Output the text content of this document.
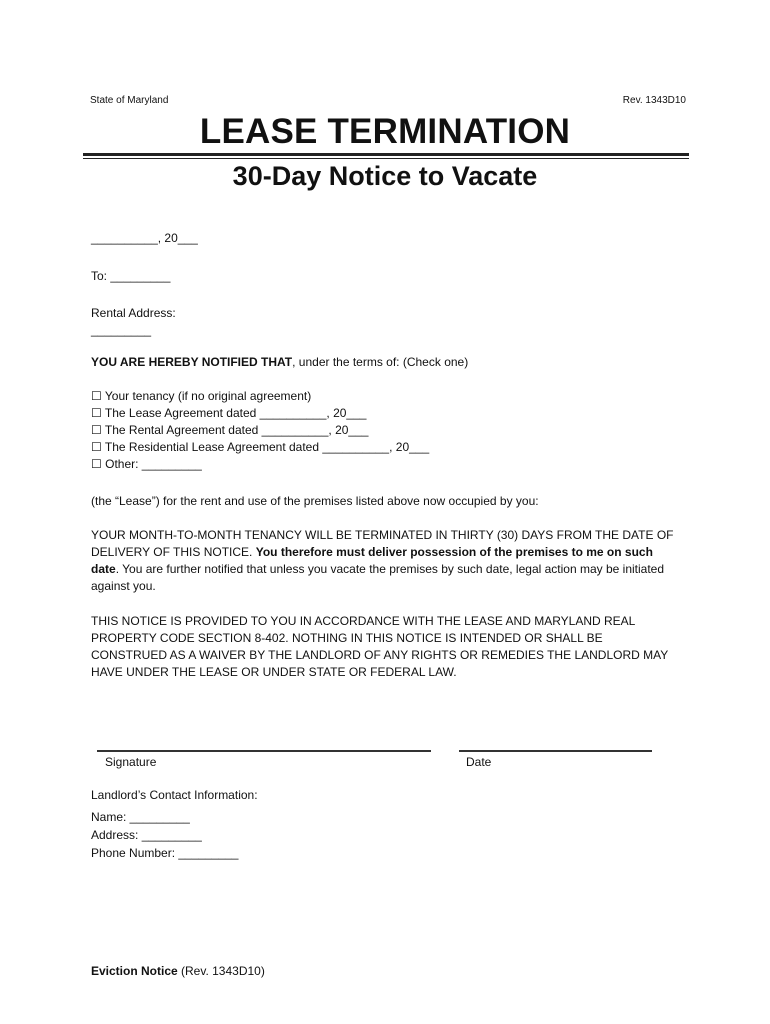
State of Maryland	Rev. 1343D10
LEASE TERMINATION
30-Day Notice to Vacate
__________, 20___
To: _________
Rental Address:
_________
YOU ARE HEREBY NOTIFIED THAT, under the terms of: (Check one)
☐ Your tenancy (if no original agreement)
☐ The Lease Agreement dated __________, 20___
☐ The Rental Agreement dated __________, 20___
☐ The Residential Lease Agreement dated __________, 20___
☐ Other: _________
(the “Lease”) for the rent and use of the premises listed above now occupied by you:
YOUR MONTH-TO-MONTH TENANCY WILL BE TERMINATED IN THIRTY (30) DAYS FROM THE DATE OF DELIVERY OF THIS NOTICE. You therefore must deliver possession of the premises to me on such date. You are further notified that unless you vacate the premises by such date, legal action may be initiated against you.
THIS NOTICE IS PROVIDED TO YOU IN ACCORDANCE WITH THE LEASE AND MARYLAND REAL PROPERTY CODE SECTION 8-402. NOTHING IN THIS NOTICE IS INTENDED OR SHALL BE CONSTRUED AS A WAIVER BY THE LANDLORD OF ANY RIGHTS OR REMEDIES THE LANDLORD MAY HAVE UNDER THE LEASE OR UNDER STATE OR FEDERAL LAW.
Signature	Date
Landlord’s Contact Information:
Name: _________
Address: _________
Phone Number: _________
Eviction Notice (Rev. 1343D10)
